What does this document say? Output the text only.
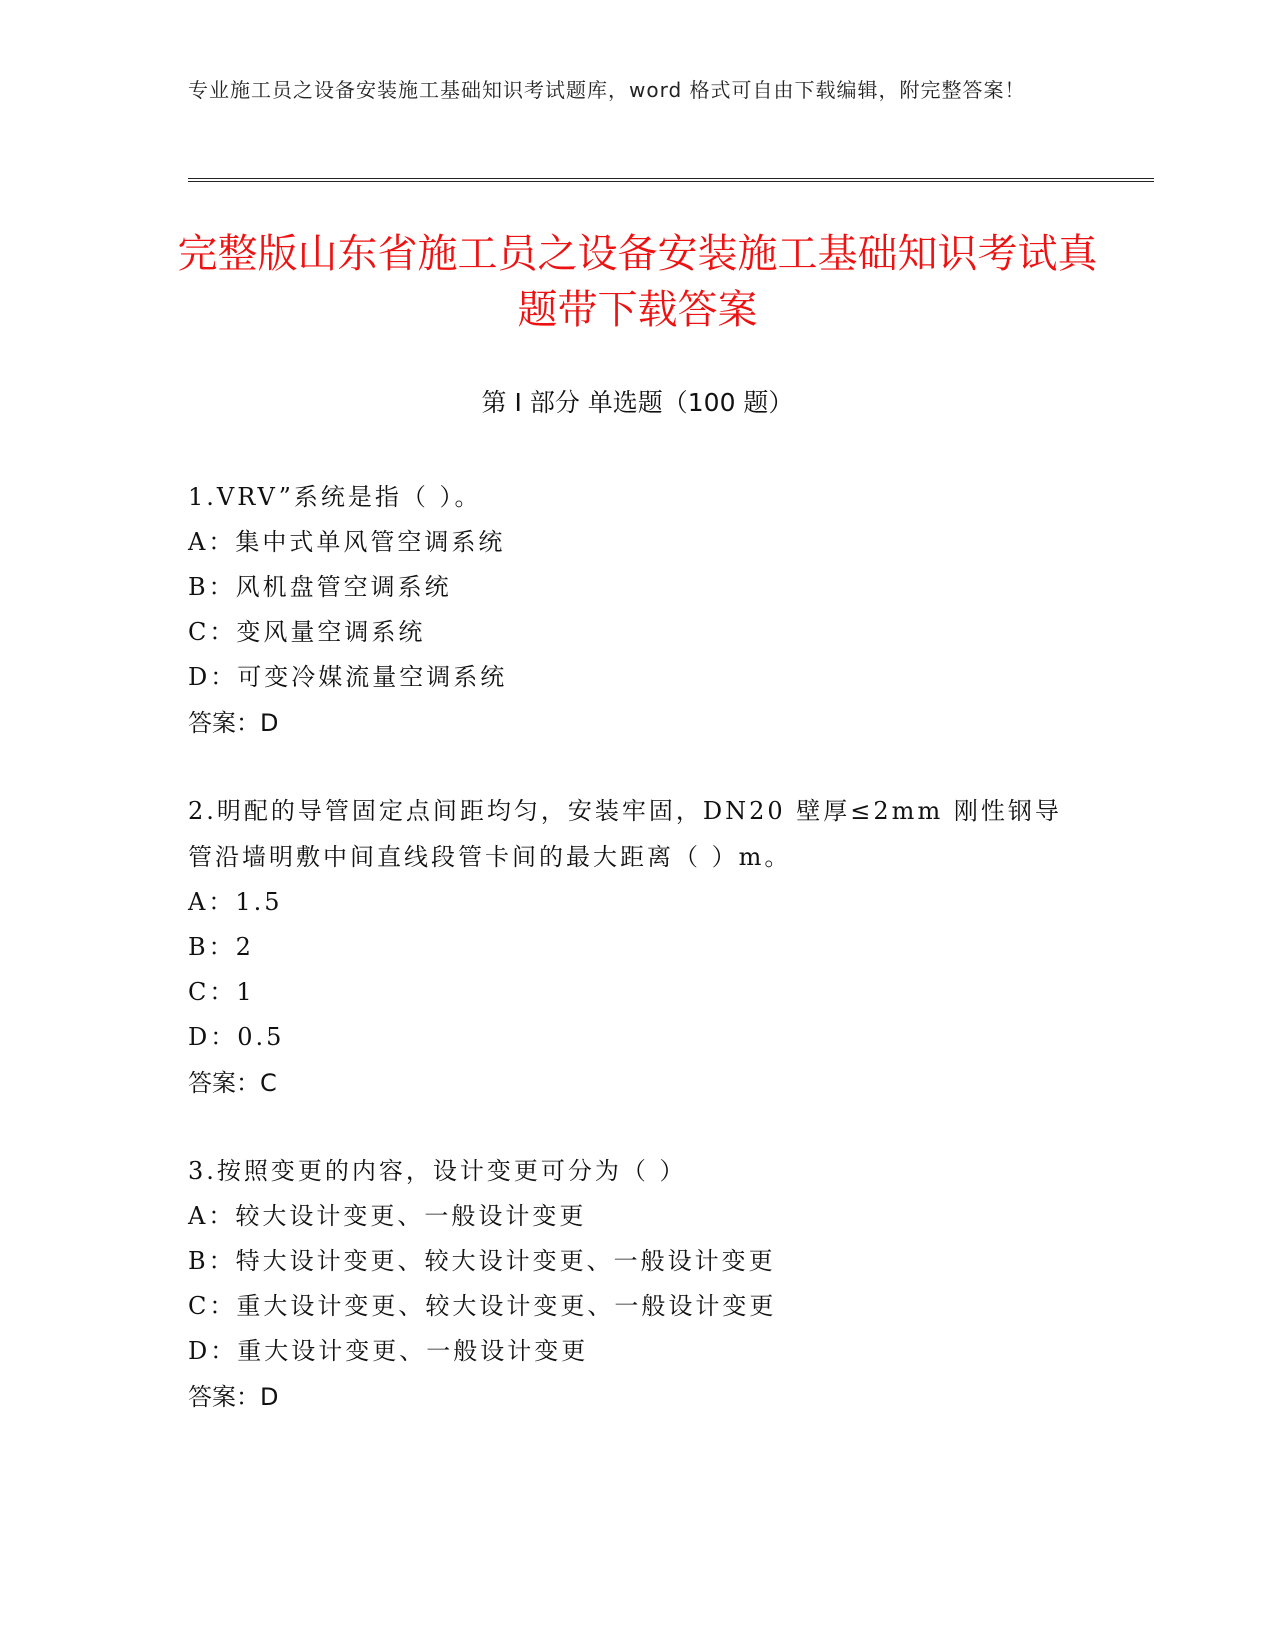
专业施工员之设备安装施工基础知识考试题库，word 格式可自由下载编辑，附完整答案！
完整版山东省施工员之设备安装施工基础知识考试真题带下载答案
第 I 部分 单选题（100 题）

1.VRV”系统是指（ ）。

A：集中式单风管空调系统

B：风机盘管空调系统

C：变风量空调系统

D：可变冷媒流量空调系统

答案：D

2.明配的导管固定点间距均匀，安装牢固，DN20 壁厚≤2mm 刚性钢导管沿墙明敷中间直线段管卡间的最大距离（ ）m。

A：1.5

B：2

C：1

D：0.5

答案：C

3.按照变更的内容，设计变更可分为（ ）

A：较大设计变更、一般设计变更

B：特大设计变更、较大设计变更、一般设计变更

C：重大设计变更、较大设计变更、一般设计变更

D：重大设计变更、一般设计变更

答案：D
